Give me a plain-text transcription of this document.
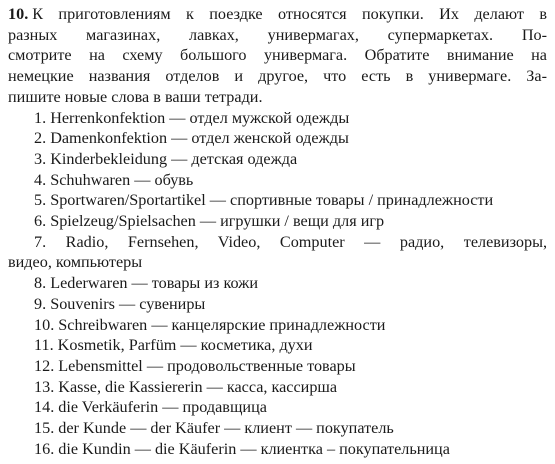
10. К приготовлениям к поездке относятся покупки. Их делают в
разных магазинах, лавках, универмагах, супермаркетах. По-
смотрите на схему большого универмага. Обратите внимание на
немецкие названия отделов и другое, что есть в универмаге. За-
пишите новые слова в ваши тетради.

1. Herrenkonfektion — отдел мужской одежды
2. Damenkonfektion — отдел женской одежды
3. Kinderbekleidung — детская одежда
4. Schuhwaren — обувь
5. Sportwaren/Sportartikel — спортивные товары / принадлежности
6. Spielzeug/Spielsachen — игрушки / вещи для игр
7. Radio, Fernsehen, Video, Computer — радио, телевизоры,
видео, компьютеры
8. Lederwaren — товары из кожи
9. Souvenirs — сувениры
10. Schreibwaren — канцелярские принадлежности
11. Kosmetik, Parfüm — косметика, духи
12. Lebensmittel — продовольственные товары
13. Kasse, die Kassiererin — касса, кассирша
14. die Verkäuferin — продавщица
15. der Kunde — der Käufer — клиент — покупатель
16. die Kundin — die Käuferin — клиентка – покупательница
